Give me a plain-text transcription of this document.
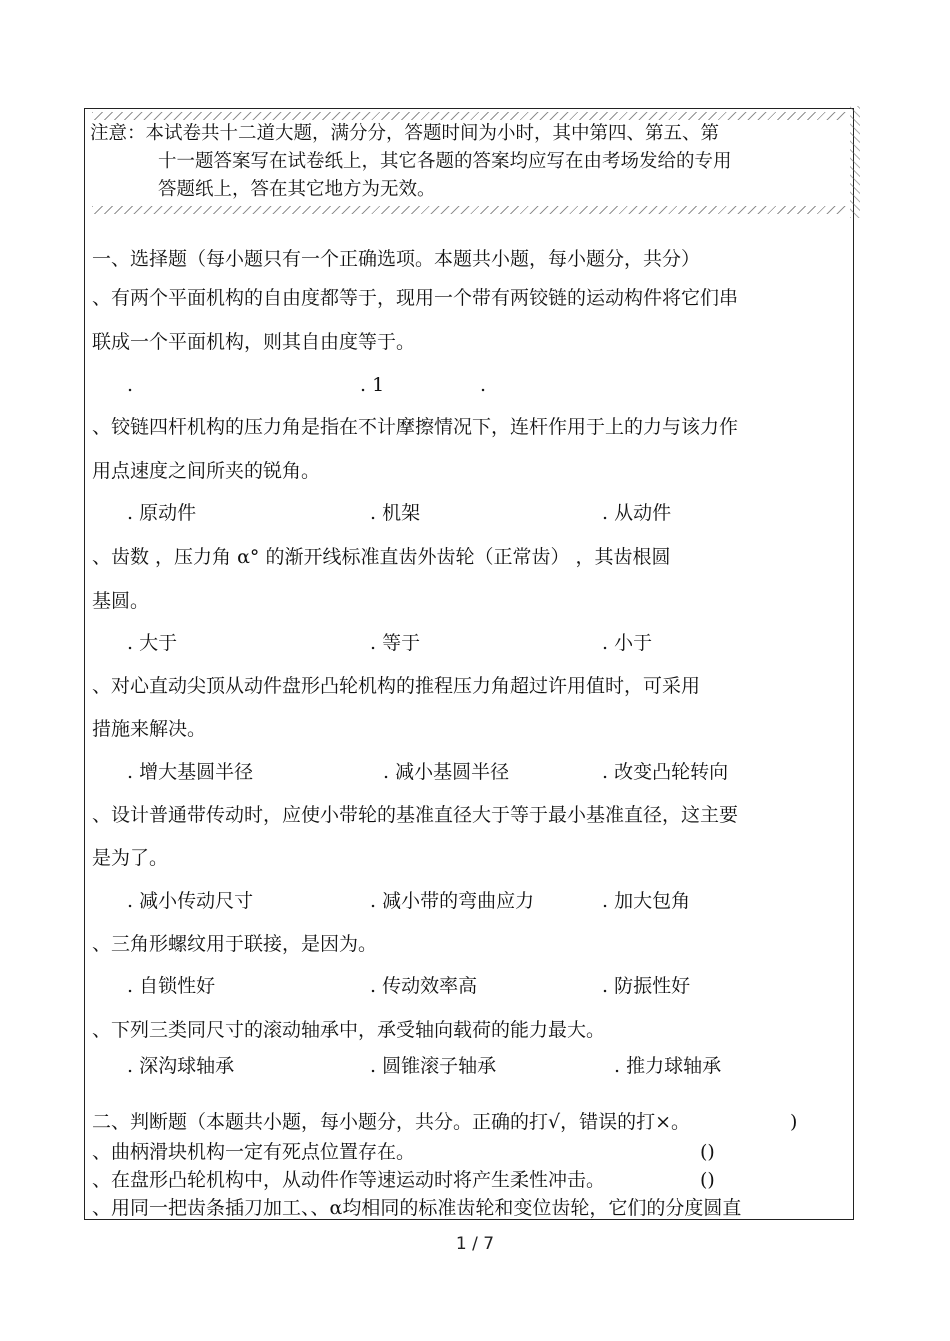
注意：本试卷共十二道大题，满分分，答题时间为小时，其中第四、第五、第
十一题答案写在试卷纸上，其它各题的答案均应写在由考场发给的专用
答题纸上，答在其它地方为无效。
一、选择题（每小题只有一个正确选项。本题共小题，每小题分，共分）
、有两个平面机构的自由度都等于，现用一个带有两铰链的运动构件将它们串
联成一个平面机构，则其自由度等于。
.	. 1	.
、铰链四杆机构的压力角是指在不计摩擦情况下，连杆作用于上的力与该力作
用点速度之间所夹的锐角。
. 原动件	. 机架	. 从动件
、齿数 ，压力角 α° 的渐开线标准直齿外齿轮（正常齿） ，其齿根圆
基圆。
. 大于	. 等于	. 小于
、对心直动尖顶从动件盘形凸轮机构的推程压力角超过许用值时，可采用
措施来解决。
. 增大基圆半径	. 减小基圆半径	. 改变凸轮转向
、设计普通带传动时，应使小带轮的基准直径大于等于最小基准直径，这主要
是为了。
. 减小传动尺寸	. 减小带的弯曲应力	. 加大包角
、三角形螺纹用于联接，是因为。
. 自锁性好	. 传动效率高	. 防振性好
、下列三类同尺寸的滚动轴承中，承受轴向载荷的能力最大。
. 深沟球轴承	. 圆锥滚子轴承	. 推力球轴承
二、判断题（本题共小题，每小题分，共分。正确的打√，错误的打×。	)
、曲柄滑块机构一定有死点位置存在。	()
、在盘形凸轮机构中，从动件作等速运动时将产生柔性冲击。	()
、用同一把齿条插刀加工、、α均相同的标准齿轮和变位齿轮，它们的分度圆直
1 / 7
